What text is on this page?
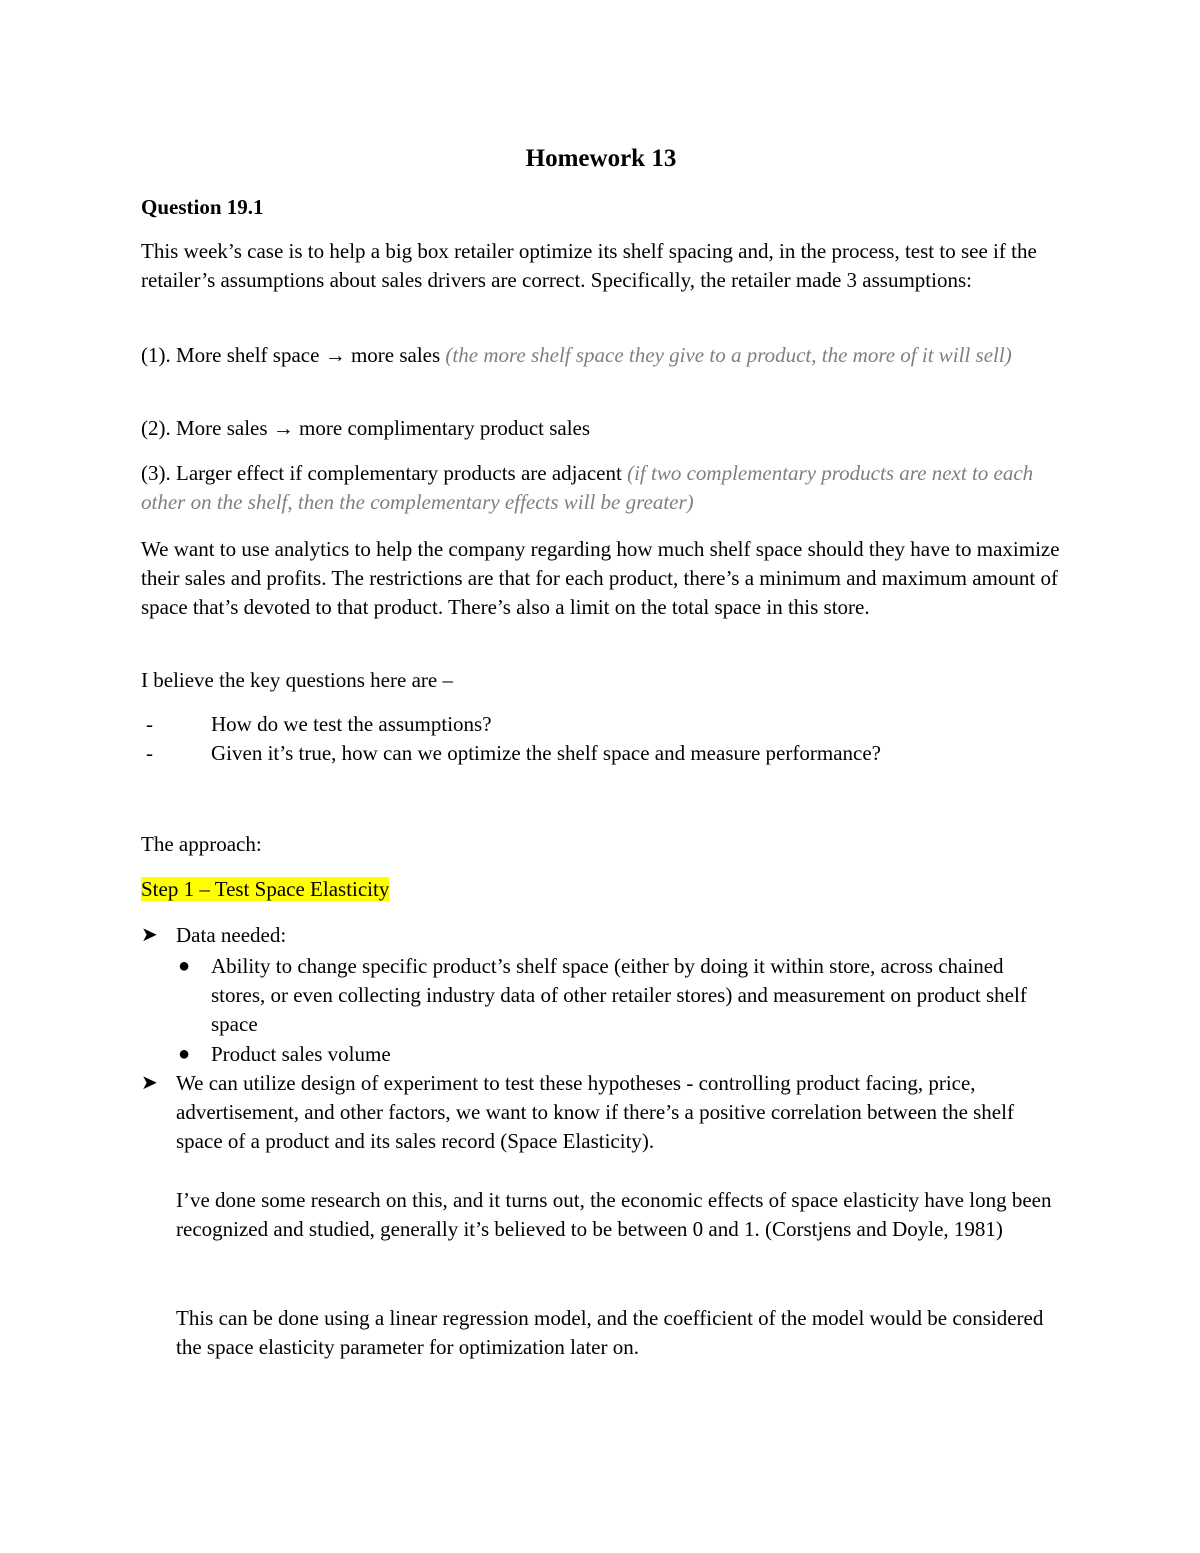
Homework 13

Question 19.1

This week’s case is to help a big box retailer optimize its shelf spacing and, in the process, test to see if the retailer’s assumptions about sales drivers are correct. Specifically, the retailer made 3 assumptions:

(1). More shelf space → more sales (the more shelf space they give to a product, the more of it will sell)

(2). More sales → more complimentary product sales

(3). Larger effect if complementary products are adjacent (if two complementary products are next to each other on the shelf, then the complementary effects will be greater)

We want to use analytics to help the company regarding how much shelf space should they have to maximize their sales and profits. The restrictions are that for each product, there’s a minimum and maximum amount of space that’s devoted to that product. There’s also a limit on the total space in this store.

I believe the key questions here are –

-	How do we test the assumptions?
-	Given it’s true, how can we optimize the shelf space and measure performance?

The approach:

Step 1 – Test Space Elasticity

➤ Data needed:
● Ability to change specific product’s shelf space (either by doing it within store, across chained stores, or even collecting industry data of other retailer stores) and measurement on product shelf space
● Product sales volume
➤ We can utilize design of experiment to test these hypotheses - controlling product facing, price, advertisement, and other factors, we want to know if there’s a positive correlation between the shelf space of a product and its sales record (Space Elasticity).

I’ve done some research on this, and it turns out, the economic effects of space elasticity have long been recognized and studied, generally it’s believed to be between 0 and 1. (Corstjens and Doyle, 1981)

This can be done using a linear regression model, and the coefficient of the model would be considered the space elasticity parameter for optimization later on.
